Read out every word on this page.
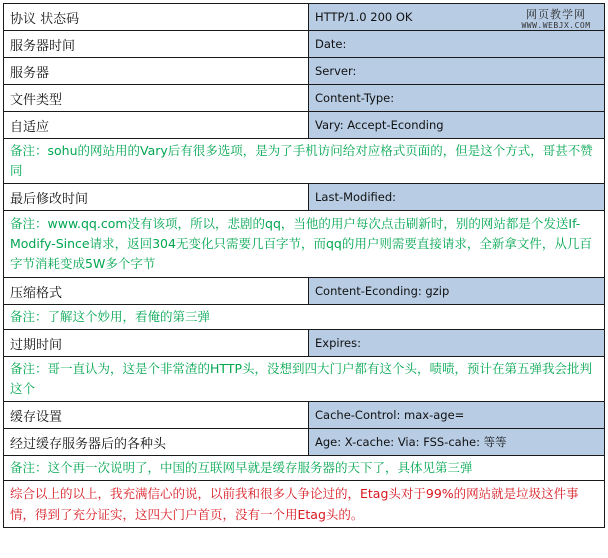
协议 状态码	HTTP/1.0 200 OK
服务器时间	Date:
服务器	Server:
文件类型	Content-Type:
自适应	Vary: Accept-Econding
备注：sohu的网站用的Vary后有很多选项，是为了手机访问给对应格式页面的，但是这个方式，哥甚不赞同	
最后修改时间	Last-Modified:
备注：www.qq.com没有该项，所以，悲剧的qq，当他的用户每次点击刷新时，别的网站都是个发送If-Modify-Since请求，返回304无变化只需要几百字节，而qq的用户则需要直接请求，全新拿文件，从几百字节消耗变成5W多个字节	
压缩格式	Content-Econding: gzip
备注：了解这个妙用，看俺的第三弹	
过期时间	Expires:
备注：哥一直认为，这是个非常渣的HTTP头，没想到四大门户都有这个头，啧啧，预计在第五弹我会批判这个	
缓存设置	Cache-Control: max-age=
经过缓存服务器后的各种头	Age: X-cache: Via: FSS-cahe: 等等
备注：这个再一次说明了，中国的互联网早就是缓存服务器的天下了，具体见第三弹	
综合以上的以上，我充满信心的说，以前我和很多人争论过的，Etag头对于99%的网站就是垃圾这件事情，得到了充分证实，这四大门户首页，没有一个用Etag头的。	
网页教学网
WWW.WEBJX.COM
